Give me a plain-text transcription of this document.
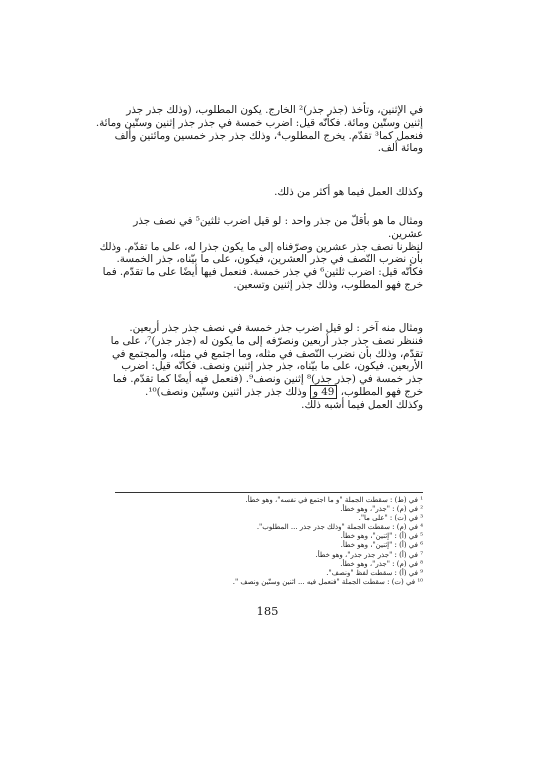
في الإثنين، وتأخذ (جذر جذر)² الخارج. يكون المطلوب، (وذلك جذر جذر
إثنين وستّين ومائة. فكأنّه قيل: اضرب خمسة في جذر جذر إثنين وستّين ومائة.
فنعمل كما³ تقدّم. يخرج المطلوب⁴، وذلك جذر جذر خمسين ومائتين وألف
ومائة ألف.
وكذلك العمل فيما هو أكثر من ذلك.
ومثال ما هو بأقلّ من جذر واحد : لو قيل اضرب ثلثين⁵ في نصف جذر
عشرين.
لنظرنا نصف جذر عشرين وصرّفناه إلى ما يكون جذرا له، على ما تقدّم. وذلك
بأن نضرب النّصف في جذر العشرين، فيكون، على ما بيّناه، جذر الخمسة.
فكأنّه قيل: اضرب ثلثين⁶ في جذر خمسة. فنعمل فيها أيضًا على ما تقدّم. فما
خرج فهو المطلوب، وذلك جذر إثنين وتسعين.
ومثال منه آخر : لو قيل اضرب جذر خمسة في نصف جذر جذر أربعين.
فننظر نصف جذر جذر أربعين ونصرّفه إلى ما يكون له (جذر جذر)⁷، على ما
تقدّم، وذلك بأن نضرب النّصف في مثله، وما اجتمع في مثله، والمجتمع في
الأربعين. فيكون، على ما بيّناه، جذر جذر إثنين ونصف. فكأنّه قيل: اضرب
جذر خمسة في (جذر جذر)⁸ إثنين ونصف⁹. (فنعمل فيه أيضًا كما تقدّم. فما
خرج فهو المطلوب، 49 و وذلك جذر جذر اثنين وستّين ونصف)¹⁰.
وكذلك العمل فيما أشبه ذلك.
¹ في (ط) : سقطت الجملة "و ما اجتمع في نفسه"، وهو خطأ.
² في (م) : "جذر"، وهو خطأ.
³ في (ت) : "على ما".
⁴ في (م) : سقطت الجملة "وذلك جذر جذر ... المطلوب".
⁵ في (أ) : "إثنين"، وهو خطأ.
⁶ في (أ) : "إثنين"، وهو خطأ.
⁷ في (أ) : "جذر جذر جذر"، وهو خطأ.
⁸ في (م) : "جذر"، وهو خطأ.
⁹ في (أ) : سقطت لفظ "ونصف".
¹⁰ في (ت) : سقطت الجملة "فنعمل فيه ... اثنين وستّين ونصف ".
185
